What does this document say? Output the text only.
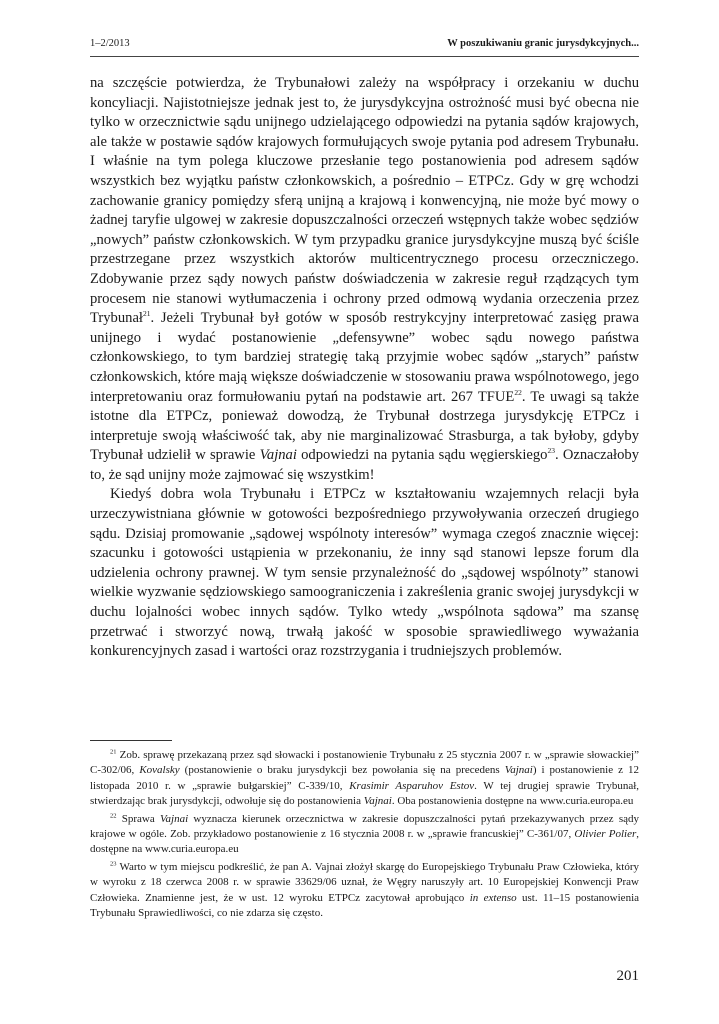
1–2/2013	W poszukiwaniu granic jurysdykcyjnych...

na szczęście potwierdza, że Trybunałowi zależy na współpracy i orzekaniu w duchu koncyliacji. Najistotniejsze jednak jest to, że jurysdykcyjna ostrożność musi być obecna nie tylko w orzecznictwie sądu unijnego udzielającego odpowiedzi na pytania sądów krajowych, ale także w postawie sądów krajowych formułujących swoje pytania pod adresem Trybunału. I właśnie na tym polega kluczowe przesłanie tego postanowienia pod adresem sądów wszystkich bez wyjątku państw członkowskich, a pośrednio – ETPCz. Gdy w grę wchodzi zachowanie granicy pomiędzy sferą unijną a krajową i konwencyjną, nie może być mowy o żadnej taryfie ulgowej w zakresie dopuszczalności orzeczeń wstępnych także wobec sędziów „nowych” państw członkowskich. W tym przypadku granice jurysdykcyjne muszą być ściśle przestrzegane przez wszystkich aktorów multicentrycznego procesu orzeczniczego. Zdobywanie przez sądy nowych państw doświadczenia w zakresie reguł rządzących tym procesem nie stanowi wytłumaczenia i ochrony przed odmową wydania orzeczenia przez Trybunał$^{21}$. Jeżeli Trybunał był gotów w sposób restrykcyjny interpretować zasięg prawa unijnego i wydać postanowienie „defensywne” wobec sądu nowego państwa członkowskiego, to tym bardziej strategię taką przyjmie wobec sądów „starych” państw członkowskich, które mają większe doświadczenie w stosowaniu prawa wspólnotowego, jego interpretowaniu oraz formułowaniu pytań na podstawie art. 267 TFUE$^{22}$. Te uwagi są także istotne dla ETPCz, ponieważ dowodzą, że Trybunał dostrzega jurysdykcję ETPCz i interpretuje swoją właściwość tak, aby nie marginalizować Strasburga, a tak byłoby, gdyby Trybunał udzielił w sprawie Vajnai odpowiedzi na pytania sądu węgierskiego$^{23}$. Oznaczałoby to, że sąd unijny może zajmować się wszystkim!

Kiedyś dobra wola Trybunału i ETPCz w kształtowaniu wzajemnych relacji była urzeczywistniana głównie w gotowości bezpośredniego przywoływania orzeczeń drugiego sądu. Dzisiaj promowanie „sądowej wspólnoty interesów” wymaga czegoś znacznie więcej: szacunku i gotowości ustąpienia w przekonaniu, że inny sąd stanowi lepsze forum dla udzielenia ochrony prawnej. W tym sensie przynależność do „sądowej wspólnoty” stanowi wielkie wyzwanie sędziowskiego samoograniczenia i zakreślenia granic swojej jurysdykcji w duchu lojalności wobec innych sądów. Tylko wtedy „wspólnota sądowa” ma szansę przetrwać i stworzyć nową, trwałą jakość w sposobie sprawiedliwego wyważania konkurencyjnych zasad i wartości oraz rozstrzygania i trudniejszych problemów.

$^{21}$ Zob. sprawę przekazaną przez sąd słowacki i postanowienie Trybunału z 25 stycznia 2007 r. w „sprawie słowackiej” C-302/06, Kovalsky (postanowienie o braku jurysdykcji bez powołania się na precedens Vajnai) i postanowienie z 12 listopada 2010 r. w „sprawie bułgarskiej” C-339/10, Krasimir Asparuhov Estov. W tej drugiej sprawie Trybunał, stwierdzając brak jurysdykcji, odwołuje się do postanowienia Vajnai. Oba postanowienia dostępne na www.curia.europa.eu

$^{22}$ Sprawa Vajnai wyznacza kierunek orzecznictwa w zakresie dopuszczalności pytań przekazywanych przez sądy krajowe w ogóle. Zob. przykładowo postanowienie z 16 stycznia 2008 r. w „sprawie francuskiej” C-361/07, Olivier Polier, dostępne na www.curia.europa.eu

$^{23}$ Warto w tym miejscu podkreślić, że pan A. Vajnai złożył skargę do Europejskiego Trybunału Praw Człowieka, który w wyroku z 18 czerwca 2008 r. w sprawie 33629/06 uznał, że Węgry naruszyły art. 10 Europejskiej Konwencji Praw Człowieka. Znamienne jest, że w ust. 12 wyroku ETPCz zacytował aprobująco in extenso ust. 11–15 postanowienia Trybunału Sprawiedliwości, co nie zdarza się często.

201
